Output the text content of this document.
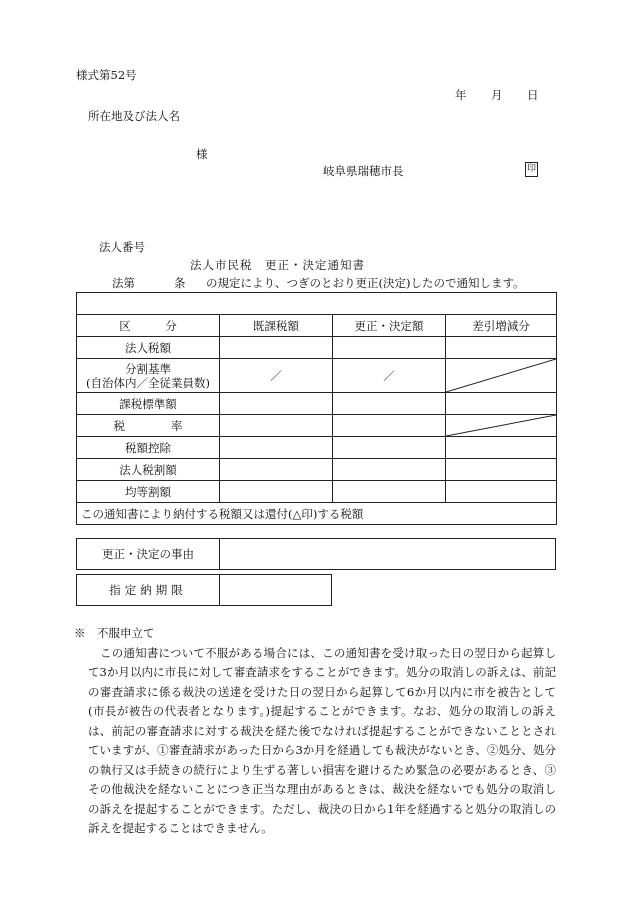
様式第52号
年 月 日
所在地及び法人名
様
岐阜県瑞穂市長	印
法人番号
法人市民税　更正・決定通知書
法第	条 の規定により、つぎのとおり更正(決定)したので通知します。

区　　　分	既課税額	更正・決定額	差引増減分
法人税額			

分割基準
(自治体内／全従業員数)	／	／	

課税標準額			
税　　　　率			

税額控除			
法人税割額			
均等割額			
この通知書により納付する税額又は還付(△印)する税額			
更正・決定の事由
指定納期限
※　不服申立て

この通知書について不服がある場合には、この通知書を受け取った日の翌日から起算して3か月以内に市長に対して審査請求をすることができます。処分の取消しの訴えは、前記の審査請求に係る裁決の送達を受けた日の翌日から起算して6か月以内に市を被告として(市長が被告の代表者となります。)提起することができます。なお、処分の取消しの訴えは、前記の審査請求に対する裁決を経た後でなければ提起することができないこととされていますが、①審査請求があった日から3か月を経過しても裁決がないとき、②処分、処分の執行又は手続きの続行により生ずる著しい損害を避けるため緊急の必要があるとき、③その他裁決を経ないことにつき正当な理由があるときは、裁決を経ないでも処分の取消しの訴えを提起することができます。ただし、裁決の日から1年を経過すると処分の取消しの訴えを提起することはできません。
